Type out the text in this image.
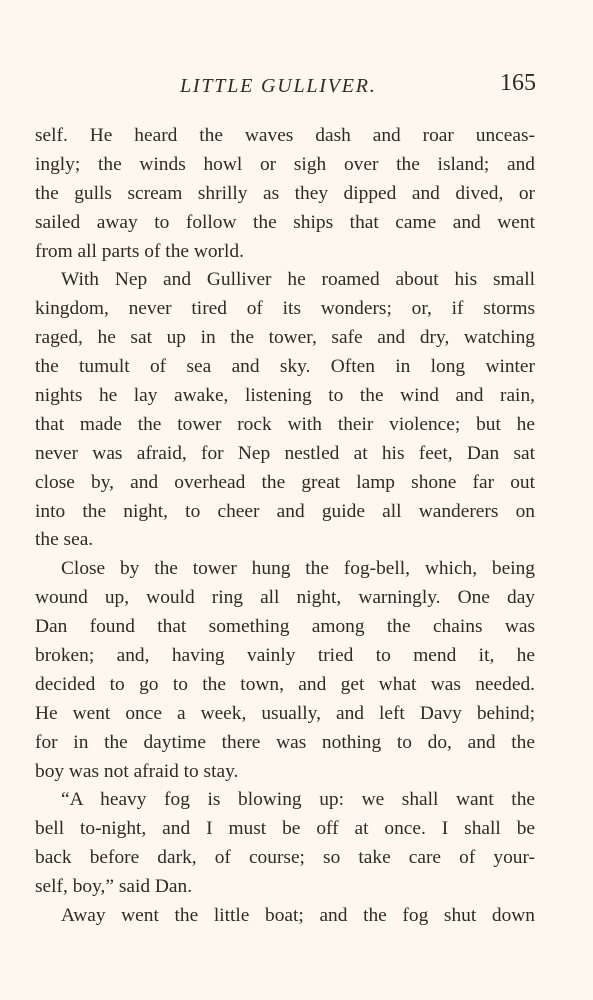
LITTLE GULLIVER.	165
self. He heard the waves dash and roar unceas-
ingly; the winds howl or sigh over the island; and
the gulls scream shrilly as they dipped and dived, or
sailed away to follow the ships that came and went
from all parts of the world.
With Nep and Gulliver he roamed about his small
kingdom, never tired of its wonders; or, if storms
raged, he sat up in the tower, safe and dry, watching
the tumult of sea and sky. Often in long winter
nights he lay awake, listening to the wind and rain,
that made the tower rock with their violence; but he
never was afraid, for Nep nestled at his feet, Dan sat
close by, and overhead the great lamp shone far out
into the night, to cheer and guide all wanderers on
the sea.
Close by the tower hung the fog-bell, which, being
wound up, would ring all night, warningly. One day
Dan found that something among the chains was
broken; and, having vainly tried to mend it, he
decided to go to the town, and get what was needed.
He went once a week, usually, and left Davy behind;
for in the daytime there was nothing to do, and the
boy was not afraid to stay.
“A heavy fog is blowing up: we shall want the
bell to-night, and I must be off at once. I shall be
back before dark, of course; so take care of your-
self, boy,” said Dan.
Away went the little boat; and the fog shut down
